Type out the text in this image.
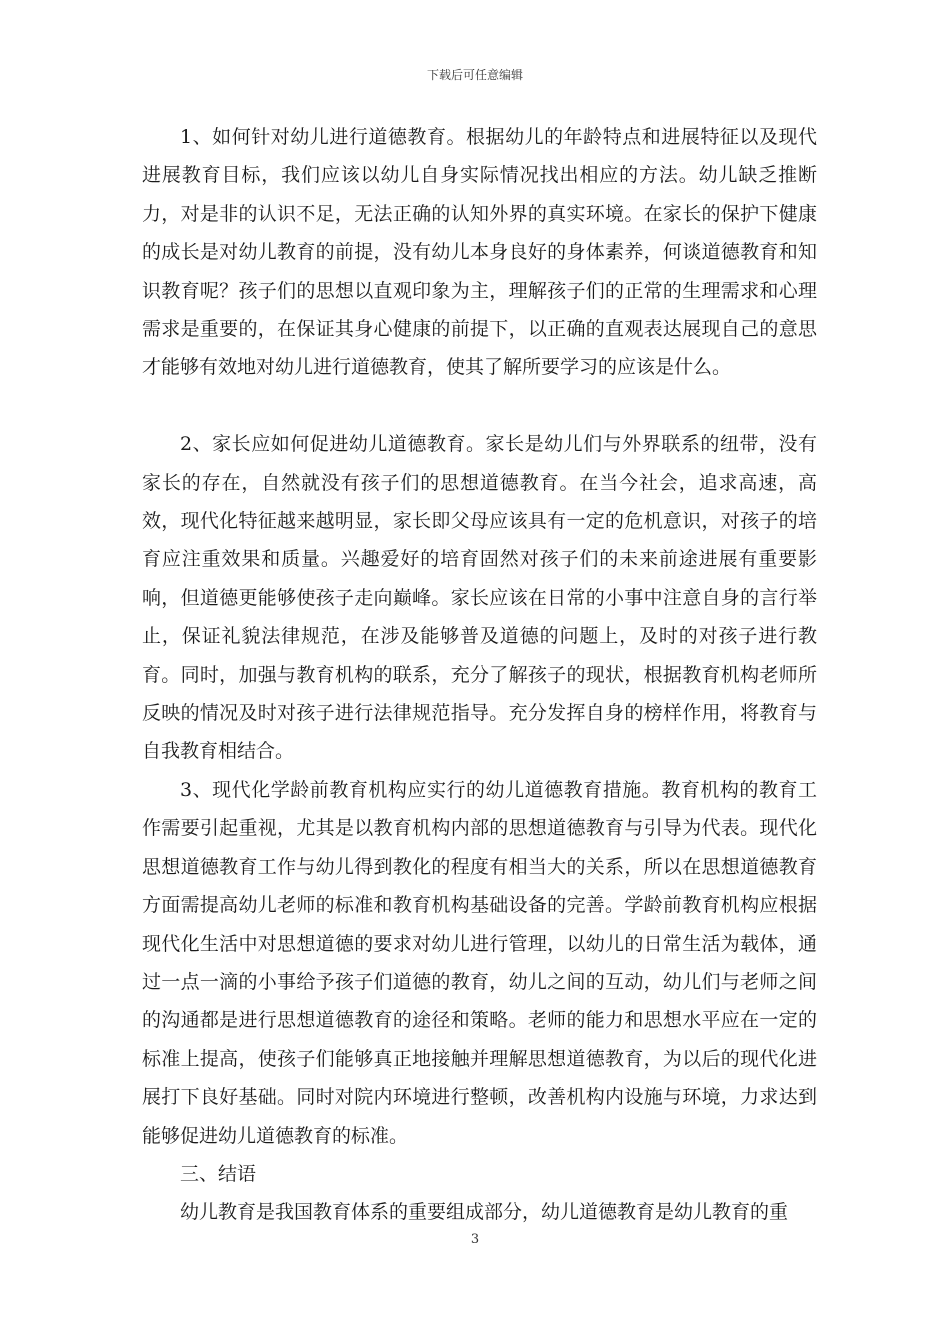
下载后可任意编辑

1、如何针对幼儿进行道德教育。根据幼儿的年龄特点和进展特征以及现代进展教育目标，我们应该以幼儿自身实际情况找出相应的方法。幼儿缺乏推断力，对是非的认识不足，无法正确的认知外界的真实环境。在家长的保护下健康的成长是对幼儿教育的前提，没有幼儿本身良好的身体素养，何谈道德教育和知识教育呢？孩子们的思想以直观印象为主，理解孩子们的正常的生理需求和心理需求是重要的，在保证其身心健康的前提下，以正确的直观表达展现自己的意思才能够有效地对幼儿进行道德教育，使其了解所要学习的应该是什么。

2、家长应如何促进幼儿道德教育。家长是幼儿们与外界联系的纽带，没有家长的存在，自然就没有孩子们的思想道德教育。在当今社会，追求高速，高效，现代化特征越来越明显，家长即父母应该具有一定的危机意识，对孩子的培育应注重效果和质量。兴趣爱好的培育固然对孩子们的未来前途进展有重要影响，但道德更能够使孩子走向巅峰。家长应该在日常的小事中注意自身的言行举止，保证礼貌法律规范，在涉及能够普及道德的问题上，及时的对孩子进行教育。同时，加强与教育机构的联系，充分了解孩子的现状，根据教育机构老师所反映的情况及时对孩子进行法律规范指导。充分发挥自身的榜样作用，将教育与自我教育相结合。

3、现代化学龄前教育机构应实行的幼儿道德教育措施。教育机构的教育工作需要引起重视，尤其是以教育机构内部的思想道德教育与引导为代表。现代化思想道德教育工作与幼儿得到教化的程度有相当大的关系，所以在思想道德教育方面需提高幼儿老师的标准和教育机构基础设备的完善。学龄前教育机构应根据现代化生活中对思想道德的要求对幼儿进行管理，以幼儿的日常生活为载体，通过一点一滴的小事给予孩子们道德的教育，幼儿之间的互动，幼儿们与老师之间的沟通都是进行思想道德教育的途径和策略。老师的能力和思想水平应在一定的标准上提高，使孩子们能够真正地接触并理解思想道德教育，为以后的现代化进展打下良好基础。同时对院内环境进行整顿，改善机构内设施与环境，力求达到能够促进幼儿道德教育的标准。

三、结语

幼儿教育是我国教育体系的重要组成部分，幼儿道德教育是幼儿教育的重

3
